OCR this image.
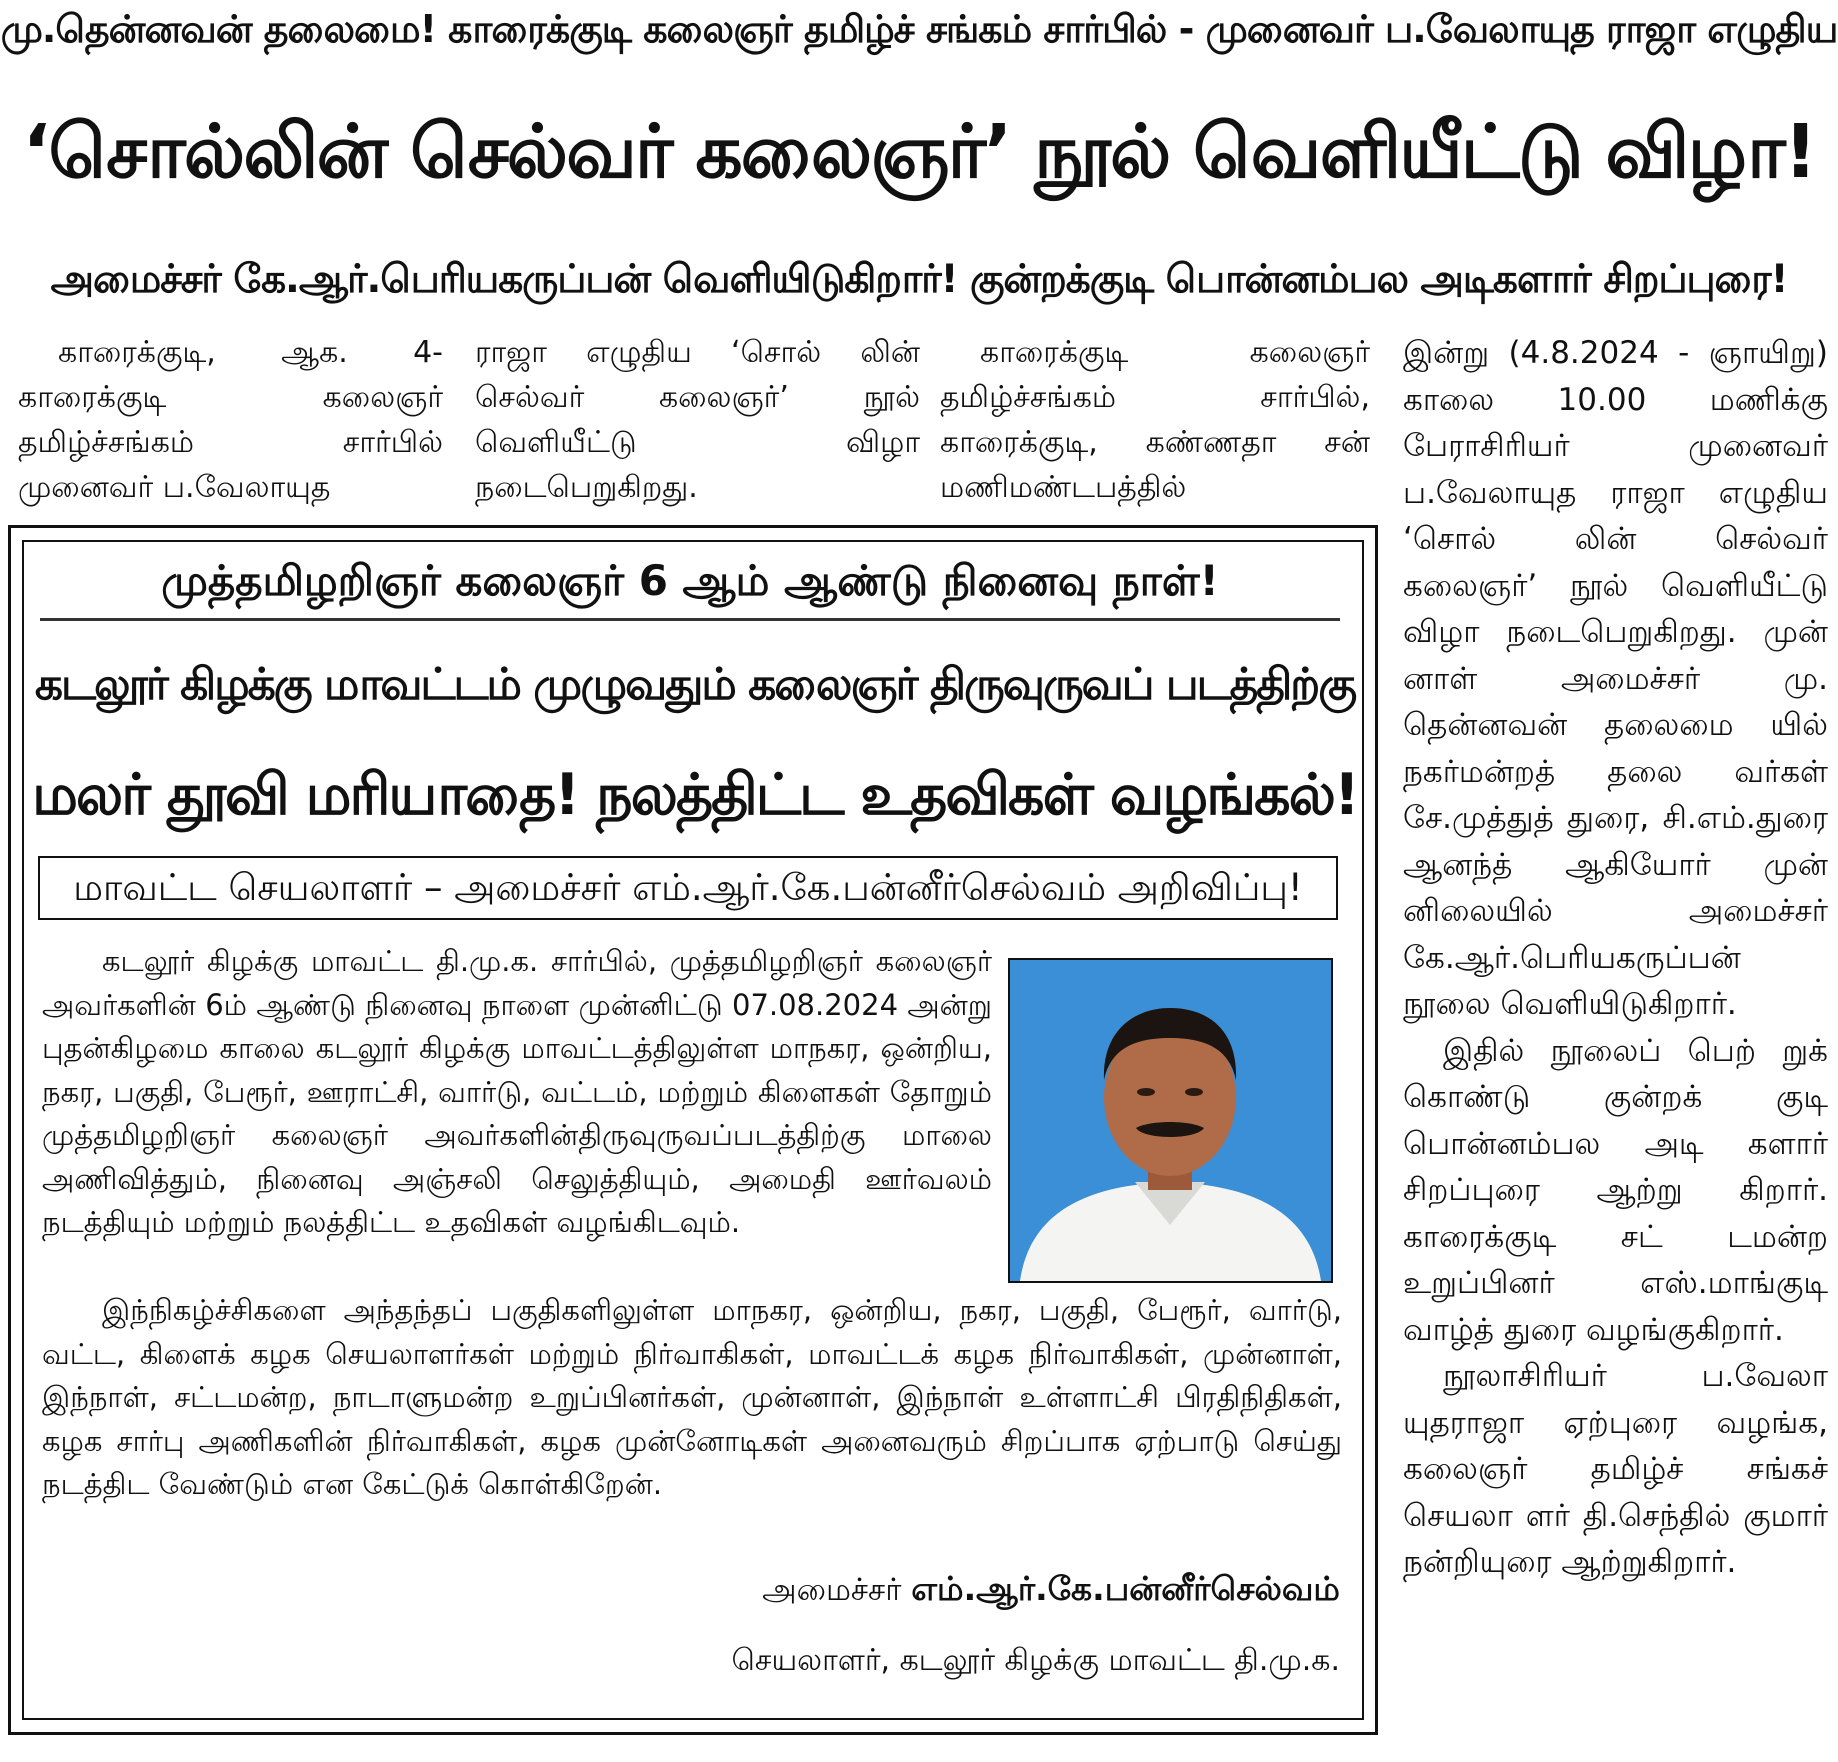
மு.தென்னவன் தலைமை! காரைக்குடி கலைஞர் தமிழ்ச் சங்கம் சார்பில் - முனைவர் ப.வேலாயுத ராஜா எழுதிய
‘சொல்லின் செல்வர் கலைஞர்’ நூல் வெளியீட்டு விழா!
அமைச்சர் கே.ஆர்.பெரியகருப்பன் வெளியிடுகிறார்! குன்றக்குடி பொன்னம்பல அடிகளார் சிறப்புரை!

காரைக்குடி, ஆக. 4- காரைக்குடி கலைஞர் தமிழ்ச்சங்கம் சார்பில் முனைவர் ப.வேலாயுத

ராஜா எழுதிய ‘சொல் லின் செல்வர் கலைஞர்’ நூல் வெளியீட்டு விழா நடைபெறுகிறது.

காரைக்குடி கலைஞர் தமிழ்ச்சங்கம் சார்பில், காரைக்குடி, கண்ணதா சன் மணிமண்டபத்தில்

இன்று (4.8.2024 - ஞாயிறு) காலை 10.00 மணிக்கு பேராசிரியர் முனைவர் ப.வேலாயுத ராஜா எழுதிய ‘சொல் லின் செல்வர் கலைஞர்’ நூல் வெளியீட்டு விழா நடைபெறுகிறது. முன் னாள் அமைச்சர் மு. தென்னவன் தலைமை யில் நகர்மன்றத் தலை வர்கள் சே.முத்துத் துரை, சி.எம்.துரை ஆனந்த் ஆகியோர் முன் னிலையில் அமைச்சர் கே.ஆர்.பெரியகருப்பன் நூலை வெளியிடுகிறார்.

இதில் நூலைப் பெற் றுக் கொண்டு குன்றக் குடி பொன்னம்பல அடி களார் சிறப்புரை ஆற்று கிறார். காரைக்குடி சட் டமன்ற உறுப்பினர் எஸ்.மாங்குடி வாழ்த் துரை வழங்குகிறார்.

நூலாசிரியர் ப.வேலா யுதராஜா ஏற்புரை வழங்க, கலைஞர் தமிழ்ச் சங்கச் செயலா ளர் தி.செந்தில் குமார் நன்றியுரை ஆற்றுகிறார்.

முத்தமிழறிஞர் கலைஞர் 6 ஆம் ஆண்டு நினைவு நாள்!
கடலூர் கிழக்கு மாவட்டம் முழுவதும் கலைஞர் திருவுருவப் படத்திற்கு
மலர் தூவி மரியாதை! நலத்திட்ட உதவிகள் வழங்கல்!
மாவட்ட செயலாளர் – அமைச்சர் எம்.ஆர்.கே.பன்னீர்செல்வம் அறிவிப்பு!

கடலூர் கிழக்கு மாவட்ட தி.மு.க. சார்பில், முத்தமிழறிஞர் கலைஞர் அவர்களின் 6ம் ஆண்டு நினைவு நாளை முன்னிட்டு 07.08.2024 அன்று புதன்கிழமை காலை கடலூர் கிழக்கு மாவட்டத்திலுள்ள மாநகர, ஒன்றிய, நகர, பகுதி, பேரூர், ஊராட்சி, வார்டு, வட்டம், மற்றும் கிளைகள் தோறும் முத்தமிழறிஞர் கலைஞர் அவர்களின்திருவுருவப்படத்திற்கு மாலை அணிவித்தும், நினைவு அஞ்சலி செலுத்தியும், அமைதி ஊர்வலம் நடத்தியும் மற்றும் நலத்திட்ட உதவிகள் வழங்கிடவும்.

இந்நிகழ்ச்சிகளை அந்தந்தப் பகுதிகளிலுள்ள மாநகர, ஒன்றிய, நகர, பகுதி, பேரூர், வார்டு, வட்ட, கிளைக் கழக செயலாளர்கள் மற்றும் நிர்வாகிகள், மாவட்டக் கழக நிர்வாகிகள், முன்னாள், இந்நாள், சட்டமன்ற, நாடாளுமன்ற உறுப்பினர்கள், முன்னாள், இந்நாள் உள்ளாட்சி பிரதிநிதிகள், கழக சார்பு அணிகளின் நிர்வாகிகள், கழக முன்னோடிகள் அனைவரும் சிறப்பாக ஏற்பாடு செய்து நடத்திட வேண்டும் என கேட்டுக் கொள்கிறேன்.

அமைச்சர் எம்.ஆர்.கே.பன்னீர்செல்வம்
செயலாளர், கடலூர் கிழக்கு மாவட்ட தி.மு.க.
